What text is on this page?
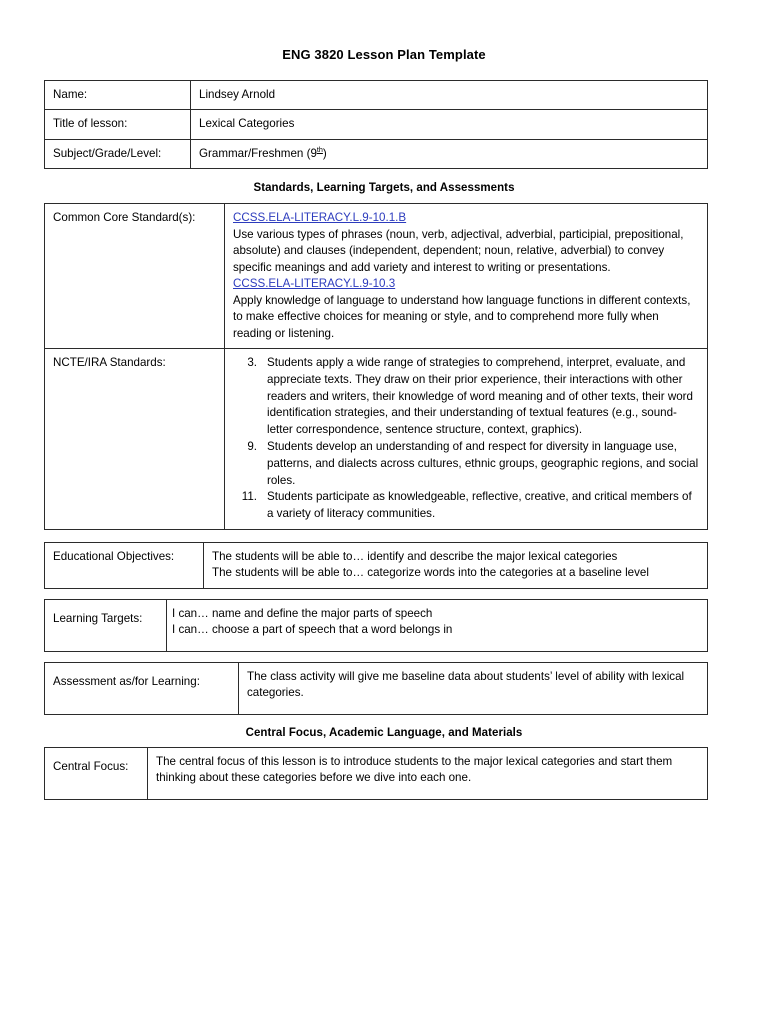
ENG 3820 Lesson Plan Template
Name:	Lindsey Arnold
Title of lesson:	Lexical Categories
Subject/Grade/Level:	Grammar/Freshmen (9th)
Standards, Learning Targets, and Assessments
Common Core Standard(s):	CCSS.ELA-LITERACY.L.9-10.1.B
Use various types of phrases (noun, verb, adjectival, adverbial, participial, prepositional, absolute) and clauses (independent, dependent; noun, relative, adverbial) to convey specific meanings and add variety and interest to writing or presentations.
CCSS.ELA-LITERACY.L.9-10.3
Apply knowledge of language to understand how language functions in different contexts, to make effective choices for meaning or style, and to comprehend more fully when reading or listening.

NCTE/IRA Standards:	3. Students apply a wide range of strategies to comprehend, interpret, evaluate, and appreciate texts. They draw on their prior experience, their interactions with other readers and writers, their knowledge of word meaning and of other texts, their word identification strategies, and their understanding of textual features (e.g., sound-letter correspondence, sentence structure, context, graphics).
9. Students develop an understanding of and respect for diversity in language use, patterns, and dialects across cultures, ethnic groups, geographic regions, and social roles.
11. Students participate as knowledgeable, reflective, creative, and critical members of a variety of literacy communities.
Educational Objectives:	The students will be able to… identify and describe the major lexical categories
The students will be able to… categorize words into the categories at a baseline level
Learning Targets:	I can… name and define the major parts of speech
I can… choose a part of speech that a word belongs in
Assessment as/for Learning:	The class activity will give me baseline data about students’ level of ability with lexical categories.
Central Focus, Academic Language, and Materials
Central Focus:	The central focus of this lesson is to introduce students to the major lexical categories and start them thinking about these categories before we dive into each one.
